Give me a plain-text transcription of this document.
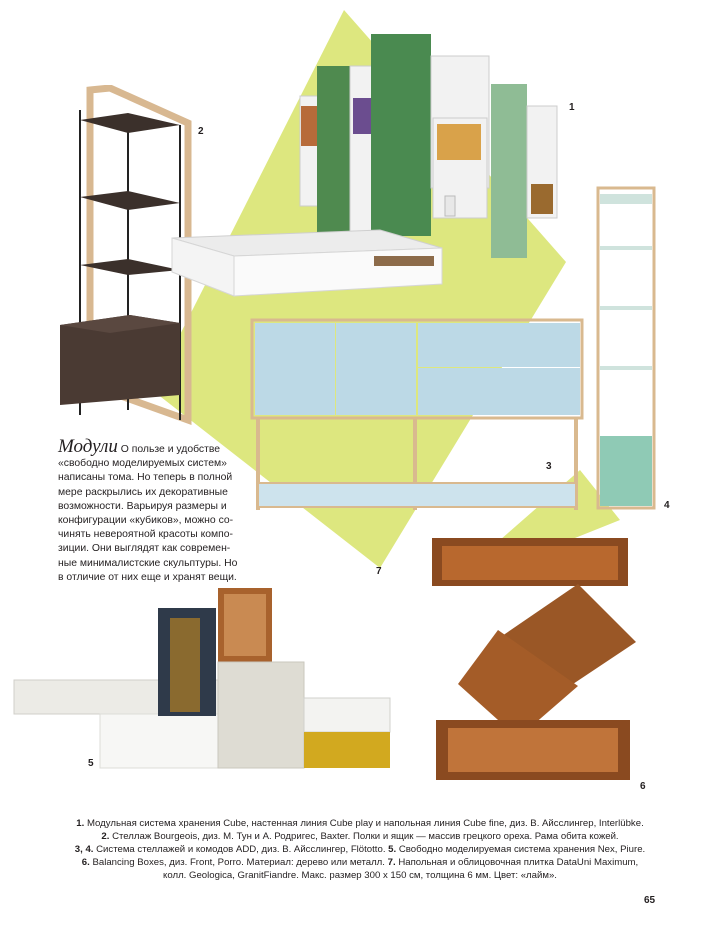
Модули О пользе и удобстве
«свободно моделируемых систем»
написаны тома. Но теперь в полной
мере раскрылись их декоративные
возможности. Варьируя размеры и
конфигурации «кубиков», можно со-
чинять невероятной красоты компо-
зиции. Они выглядят как современ-
ные минималистские скульптуры. Но
в отличие от них еще и хранят вещи.
1
2
3
4
5
6
7
1. Модульная система хранения Cube, настенная линия Cube play и напольная линия Cube fine, диз. В. Айсслингер, Interlübke.
2. Стеллаж Bourgeois, диз. М. Тун и А. Родригес, Baxter. Полки и ящик — массив грецкого ореха. Рама обита кожей.
3, 4. Система стеллажей и комодов ADD, диз. В. Айсслингер, Flötotto. 5. Свободно моделируемая система хранения Nex, Piure.
6. Balancing Boxes, диз. Front, Porro. Материал: дерево или металл. 7. Напольная и облицовочная плитка DataUni Maximum,
колл. Geologica, GranitFiandre. Макс. размер 300 х 150 см, толщина 6 мм. Цвет: «лайм».
65
